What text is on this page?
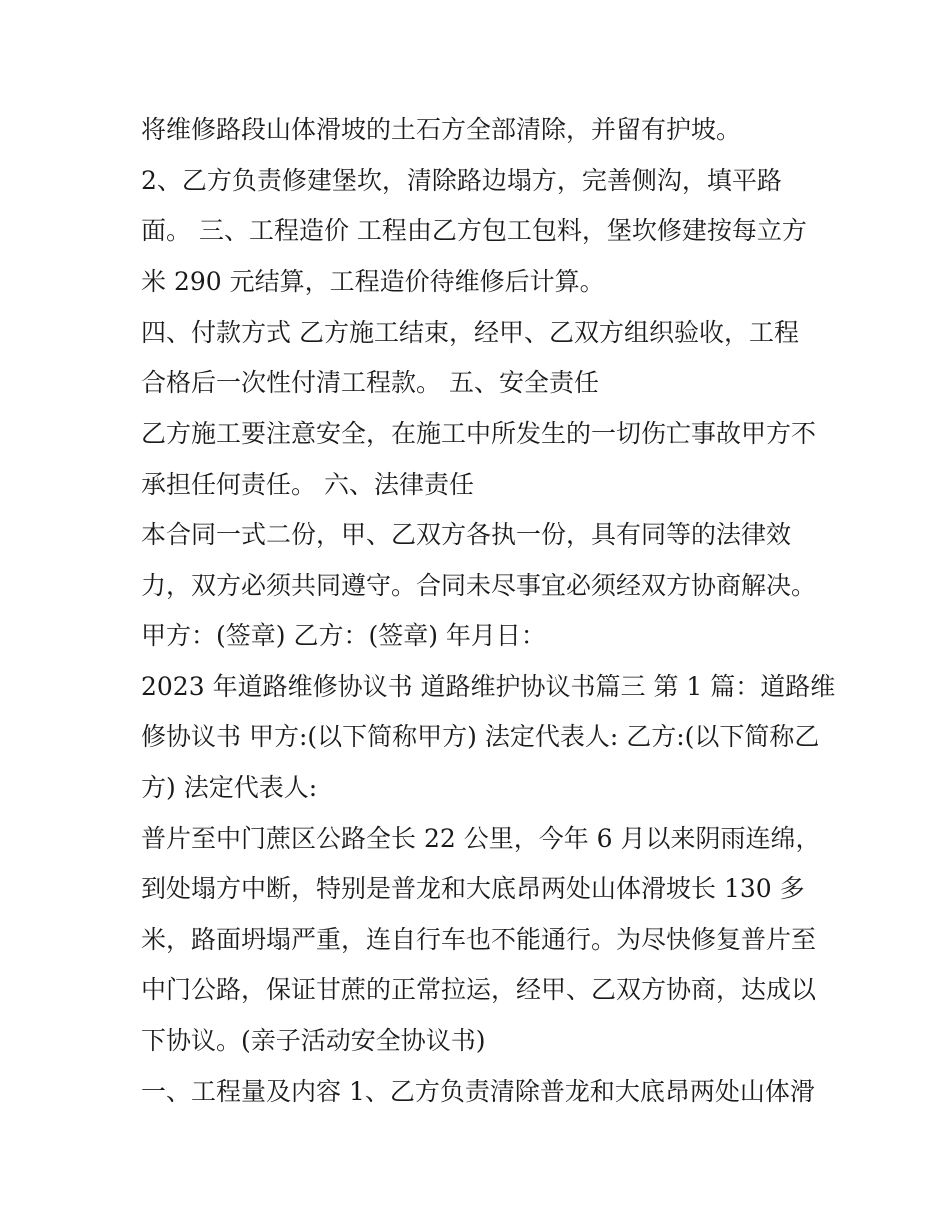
将维修路段山体滑坡的土石方全部清除，并留有护坡。

2、乙方负责修建堡坎，清除路边塌方，完善侧沟，填平路

面。 三、工程造价 工程由乙方包工包料，堡坎修建按每立方

米 290 元结算，工程造价待维修后计算。

四、付款方式 乙方施工结束，经甲、乙双方组织验收，工程

合格后一次性付清工程款。 五、安全责任

乙方施工要注意安全，在施工中所发生的一切伤亡事故甲方不

承担任何责任。 六、法律责任

本合同一式二份，甲、乙双方各执一份，具有同等的法律效

力，双方必须共同遵守。合同未尽事宜必须经双方协商解决。

甲方：(签章) 乙方：(签章) 年月日：

2023 年道路维修协议书 道路维护协议书篇三 第 1 篇：道路维

修协议书 甲方:(以下简称甲方) 法定代表人: 乙方:(以下简称乙

方) 法定代表人:

普片至中门蔗区公路全长 22 公里，今年 6 月以来阴雨连绵，

到处塌方中断，特别是普龙和大底昂两处山体滑坡长 130 多

米，路面坍塌严重，连自行车也不能通行。为尽快修复普片至

中门公路，保证甘蔗的正常拉运，经甲、乙双方协商，达成以

下协议。(亲子活动安全协议书)

一、工程量及内容 1、乙方负责清除普龙和大底昂两处山体滑
